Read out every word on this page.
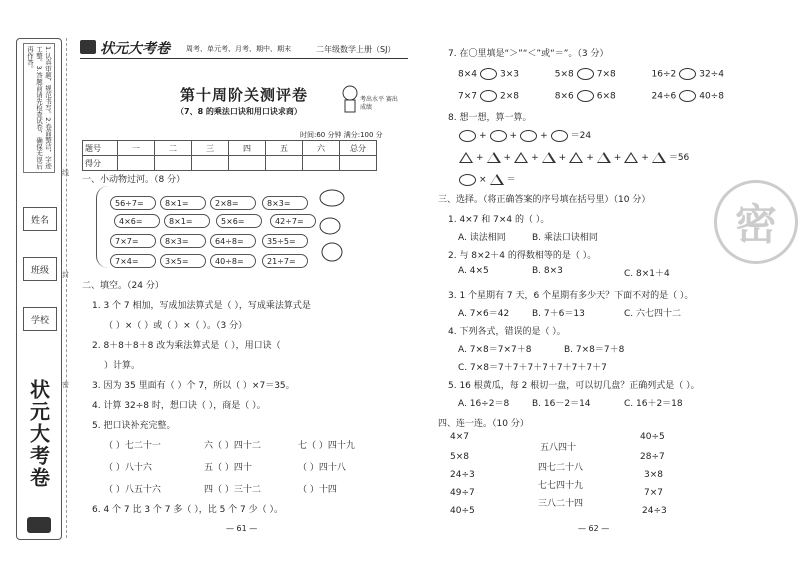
1.认真审题，规范书写。2.卷面整洁，字迹工整。3.答题前请先检查试卷，确保无误后再作答。
姓名
班级
学校
状元大考卷
线
封
密
状元大考卷 周考、单元考、月考、期中、期末	二年级数学上册（SJ）
第十周阶关测评卷
（7、8 的乘法口诀和用口诀求商）
考出水平 赛出成绩
时间:60 分钟 满分:100 分
题号	一	二	三	四	五	六	总分
得分							
一、小动物过河。（8 分）
56÷7=	8×1=	2×8=	8×3=
4×6=	8×1=	5×6=	42÷7=
7×7=	8×3=	64÷8=	35÷5=
7×4=	3×5=	40÷8=	21÷7=
二、填空。（24 分）
1. 3 个 7 相加，写成加法算式是（ ），写成乘法算式是
（ ）×（ ）或（ ）×（ ）。（3 分）
2. 8＋8＋8＋8 改为乘法算式是（ ），用口诀（
）计算。
3. 因为 35 里面有（ ）个 7，所以（ ）×7＝35。
4. 计算 32÷8 时，想口诀（ ），商是（ ）。
5. 把口诀补充完整。
（ ）七二十一	六（ ）四十二	七（ ）四十九
（ ）八十六	五（ ）四十	（ ）四十八
（ ）八五十六	四（ ）三十二	（ ）十四
6. 4 个 7 比 3 个 7 多（ ），比 5 个 7 少（ ）。
— 61 —
7. 在〇里填是“＞”“＜”或“＝”。（3 分）
8×4	3×3	5×8	7×8	16÷2	32÷4
7×7	2×8	8×6	6×8	24÷6	40÷8
8. 想一想，算一算。
+	+	+	＝24
+ + + + + + + ＝56
× ＝
三、选择。（将正确答案的序号填在括号里）（10 分）
1. 4×7 和 7×4 的（ ）。
A. 读法相同	B. 乘法口诀相同
2. 与 8×2＋4 的得数相等的是（ ）。
A. 4×5	B. 8×3	C. 8×1＋4
3. 1 个星期有 7 天，6 个星期有多少天？下面不对的是（ ）。
A. 7×6＝42	B. 7＋6＝13	C. 六七四十二
4. 下列各式，错误的是（ ）。
A. 7×8＝7×7＋8	B. 7×8＝7＋8
C. 7×8＝7＋7＋7＋7＋7＋7＋7＋7
5. 16 根黄瓜，每 2 根切一盘，可以切几盘？正确列式是（ ）。
A. 16÷2＝8	B. 16－2＝14	C. 16＋2＝18
四、连一连。（10 分）
4×7
5×8
24÷3
49÷7
40÷5
五八四十
四七二十八
七七四十九
三八二十四
40÷5
28÷7
3×8
7×7
24÷3
— 62 —
密
